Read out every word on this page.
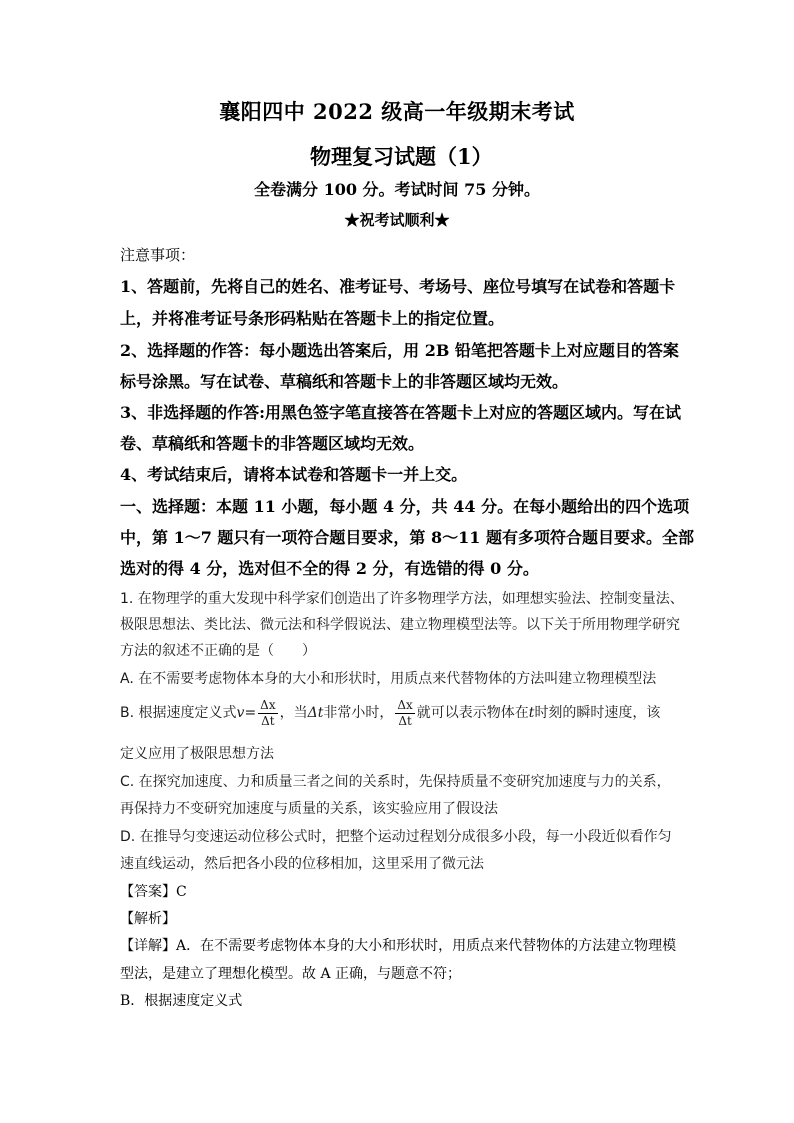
襄阳四中 2022 级高一年级期末考试
物理复习试题（1）
全卷满分 100 分。考试时间 75 分钟。
★祝考试顺利★
注意事项：
1、答题前，先将自己的姓名、准考证号、考场号、座位号填写在试卷和答题卡
上，并将准考证号条形码粘贴在答题卡上的指定位置。
2、选择题的作答：每小题选出答案后，用 2B 铅笔把答题卡上对应题目的答案
标号涂黑。写在试卷、草稿纸和答题卡上的非答题区域均无效。
3、非选择题的作答:用黑色签字笔直接答在答题卡上对应的答题区域内。写在试
卷、草稿纸和答题卡的非答题区域均无效。
4、考试结束后，请将本试卷和答题卡一并上交。
一、选择题：本题 11 小题，每小题 4 分，共 44 分。在每小题给出的四个选项
中，第 1～7 题只有一项符合题目要求，第 8～11 题有多项符合题目要求。全部
选对的得 4 分，选对但不全的得 2 分，有选错的得 0 分。
1. 在物理学的重大发现中科学家们创造出了许多物理学方法，如理想实验法、控制变量法、
极限思想法、类比法、微元法和科学假说法、建立物理模型法等。以下关于所用物理学研究
方法的叙述不正确的是（　　）
A. 在不需要考虑物体本身的大小和形状时，用质点来代替物体的方法叫建立物理模型法
B. 根据速度定义式$v= \frac{\Delta x}{\Delta t}$ ，当Δt非常小时， $\frac{\Delta x}{\Delta t}$ 就可以表示物体在t时刻的瞬时速度，该
定义应用了极限思想方法
C. 在探究加速度、力和质量三者之间的关系时，先保持质量不变研究加速度与力的关系，
再保持力不变研究加速度与质量的关系，该实验应用了假设法
D. 在推导匀变速运动位移公式时，把整个运动过程划分成很多小段，每一小段近似看作匀
速直线运动，然后把各小段的位移相加，这里采用了微元法
【答案】C
【解析】
【详解】A．在不需要考虑物体本身的大小和形状时，用质点来代替物体的方法建立物理模
型法，是建立了理想化模型。故 A 正确，与题意不符；
B．根据速度定义式
